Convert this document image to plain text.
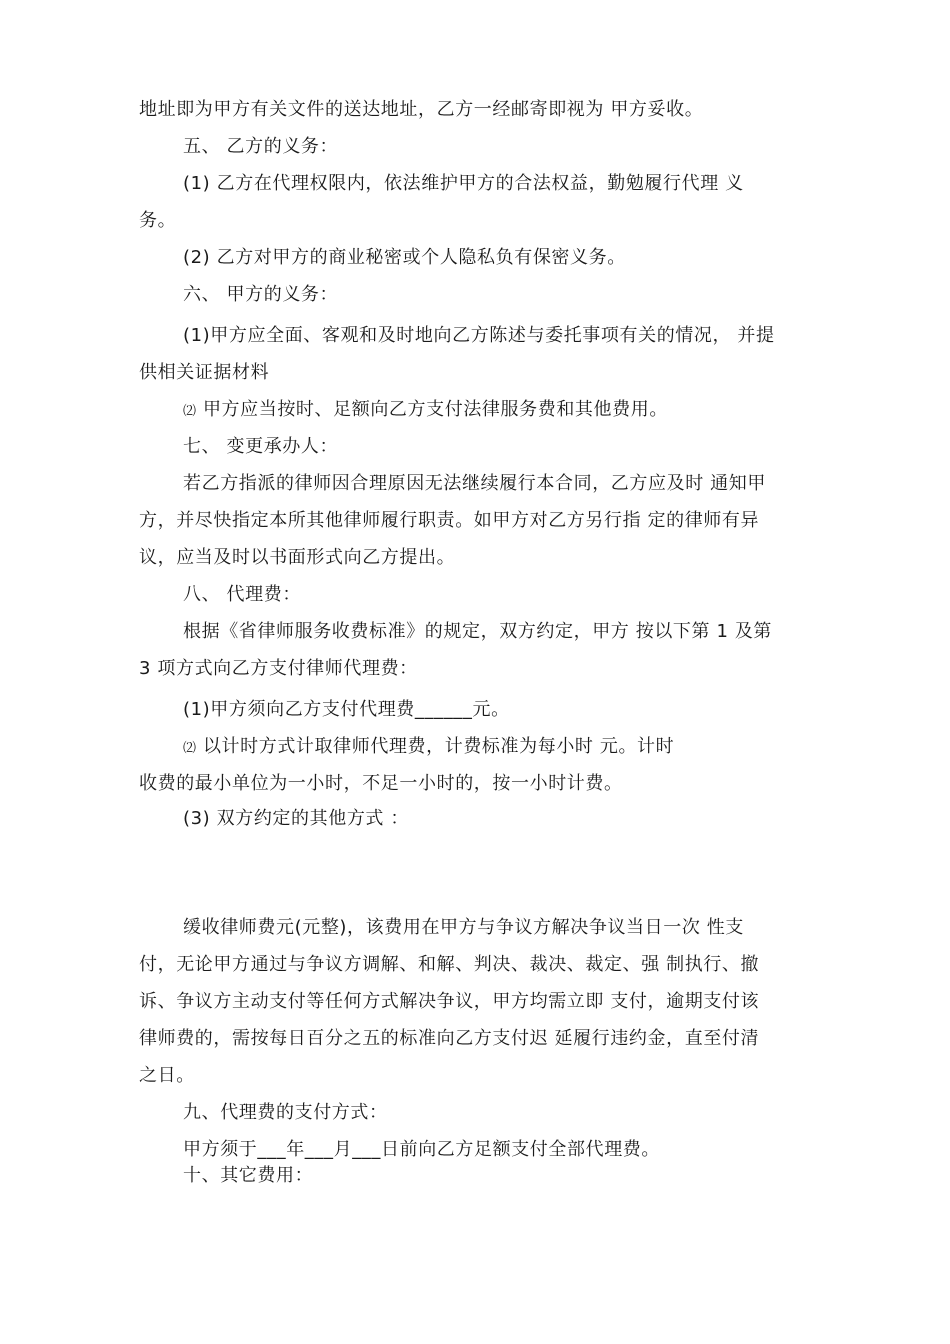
地址即为甲方有关文件的送达地址，乙方一经邮寄即视为 甲方妥收。

五、 乙方的义务：

(1) 乙方在代理权限内，依法维护甲方的合法权益，勤勉履行代理 义

务。

(2) 乙方对甲方的商业秘密或个人隐私负有保密义务。

六、 甲方的义务：

(1)甲方应全面、客观和及时地向乙方陈述与委托事项有关的情况， 并提

供相关证据材料

⑵ 甲方应当按时、足额向乙方支付法律服务费和其他费用。

七、 变更承办人：

若乙方指派的律师因合理原因无法继续履行本合同，乙方应及时 通知甲

方，并尽快指定本所其他律师履行职责。如甲方对乙方另行指 定的律师有异

议，应当及时以书面形式向乙方提出。

八、 代理费：

根据《省律师服务收费标准》的规定，双方约定，甲方 按以下第 1 及第

3 项方式向乙方支付律师代理费：

(1)甲方须向乙方支付代理费______元。

⑵ 以计时方式计取律师代理费，计费标准为每小时 元。计时

收费的最小单位为一小时，不足一小时的，按一小时计费。

(3) 双方约定的其他方式 ：

缓收律师费元(元整)，该费用在甲方与争议方解决争议当日一次 性支

付，无论甲方通过与争议方调解、和解、判决、裁决、裁定、强 制执行、撤

诉、争议方主动支付等任何方式解决争议，甲方均需立即 支付，逾期支付该

律师费的，需按每日百分之五的标准向乙方支付迟 延履行违约金，直至付清

之日。

九、代理费的支付方式：

甲方须于___年___月___日前向乙方足额支付全部代理费。

十、其它费用：
